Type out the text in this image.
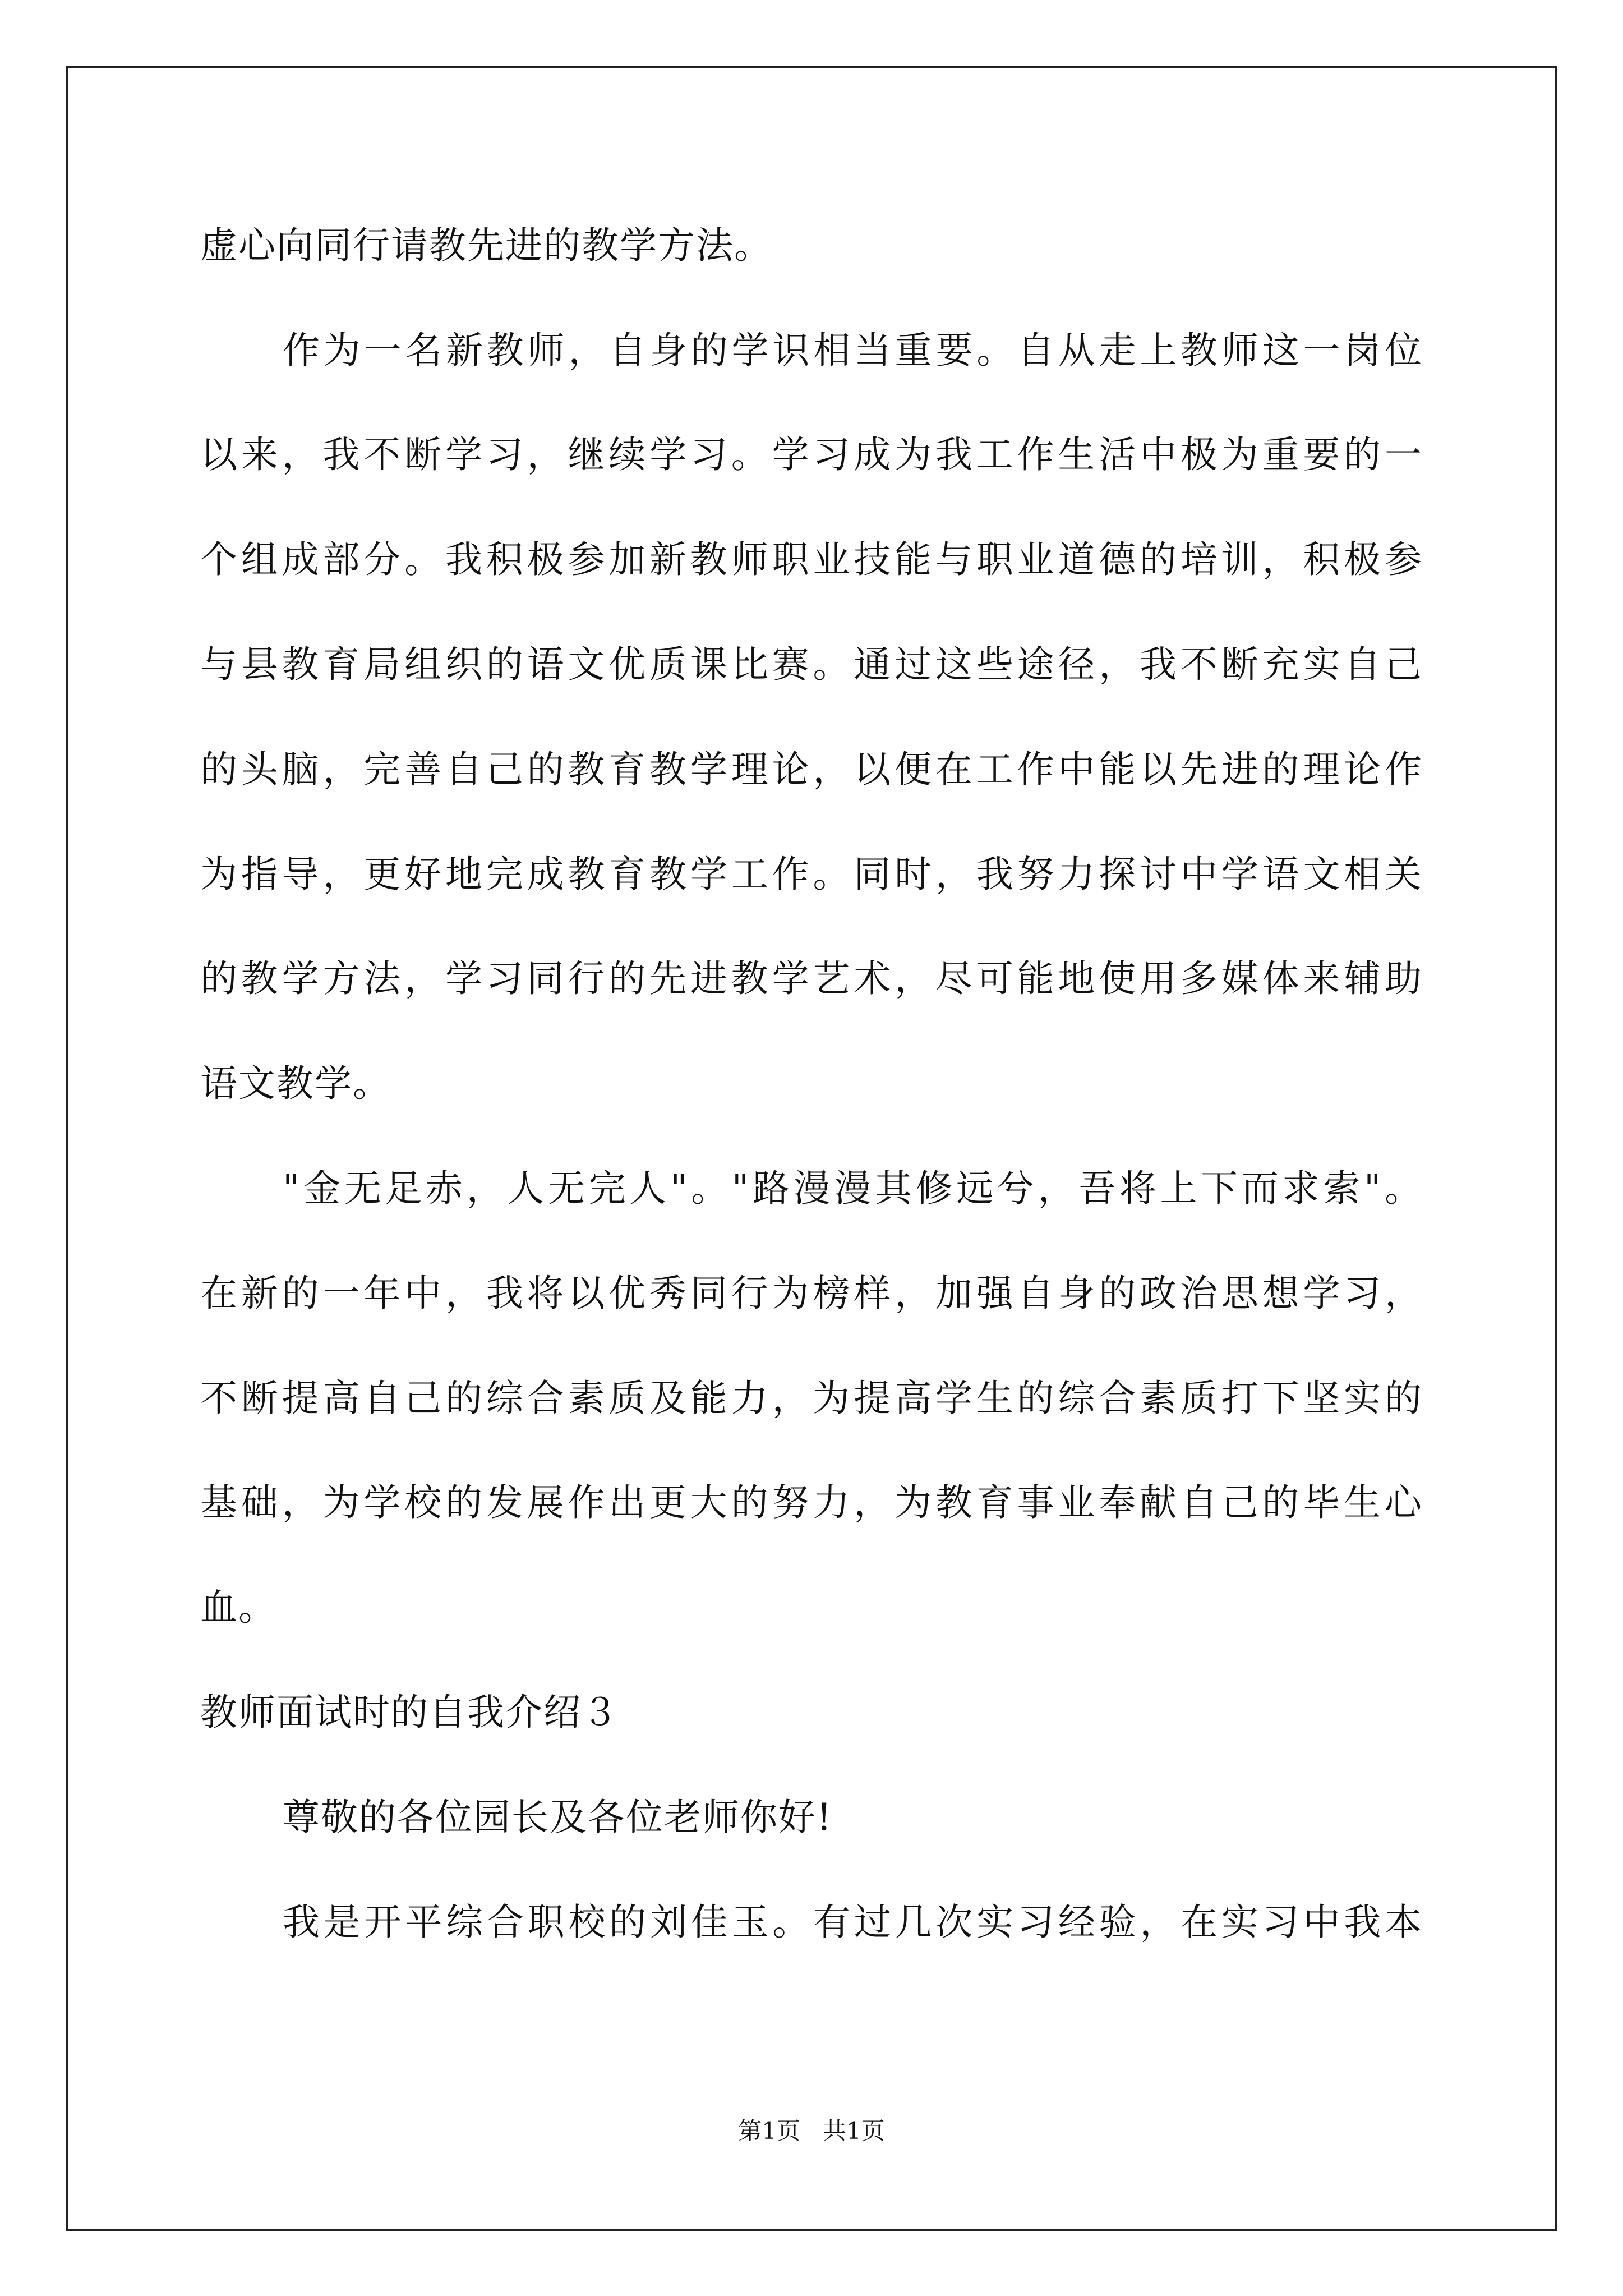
虚心向同行请教先进的教学方法。
作为一名新教师，自身的学识相当重要。自从走上教师这一岗位
以来，我不断学习，继续学习。学习成为我工作生活中极为重要的一
个组成部分。我积极参加新教师职业技能与职业道德的培训，积极参
与县教育局组织的语文优质课比赛。通过这些途径，我不断充实自己
的头脑，完善自己的教育教学理论，以便在工作中能以先进的理论作
为指导，更好地完成教育教学工作。同时，我努力探讨中学语文相关
的教学方法，学习同行的先进教学艺术，尽可能地使用多媒体来辅助
语文教学。
"金无足赤，人无完人"。"路漫漫其修远兮，吾将上下而求索"。
在新的一年中，我将以优秀同行为榜样，加强自身的政治思想学习，
不断提高自己的综合素质及能力，为提高学生的综合素质打下坚实的
基础，为学校的发展作出更大的努力，为教育事业奉献自己的毕生心
血。
教师面试时的自我介绍３
尊敬的各位园长及各位老师你好!
我是开平综合职校的刘佳玉。有过几次实习经验，在实习中我本
第1页   共1页
